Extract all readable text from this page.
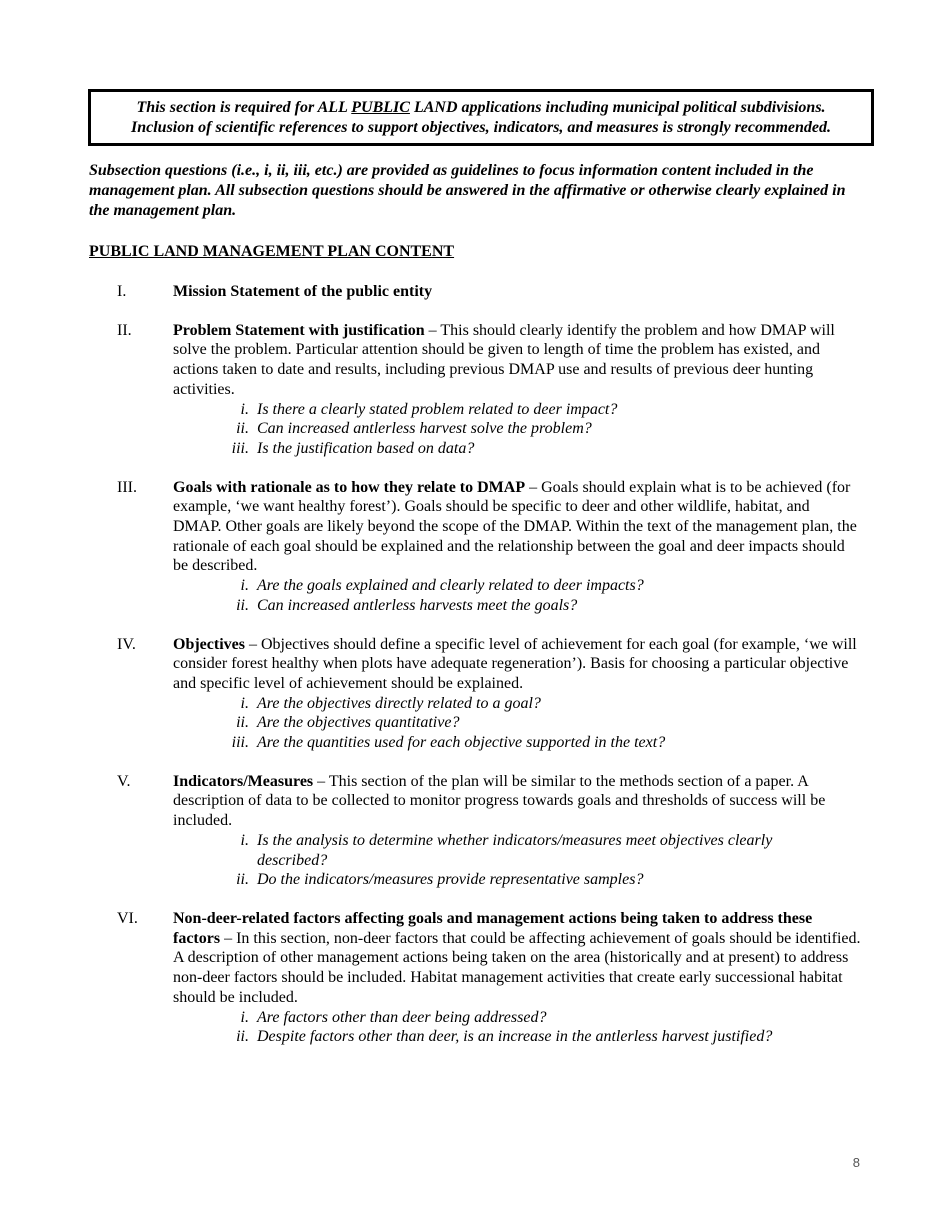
This section is required for ALL PUBLIC LAND applications including municipal political subdivisions.
Inclusion of scientific references to support objectives, indicators, and measures is strongly recommended.
Subsection questions (i.e., i, ii, iii, etc.) are provided as guidelines to focus information content included in the management plan. All subsection questions should be answered in the affirmative or otherwise clearly explained in the management plan.
PUBLIC LAND MANAGEMENT PLAN CONTENT
I.	Mission Statement of the public entity
II.	Problem Statement with justification – This should clearly identify the problem and how DMAP will solve the problem. Particular attention should be given to length of time the problem has existed, and actions taken to date and results, including previous DMAP use and results of previous deer hunting activities.
i. Is there a clearly stated problem related to deer impact?
ii. Can increased antlerless harvest solve the problem?
iii. Is the justification based on data?
III.	Goals with rationale as to how they relate to DMAP – Goals should explain what is to be achieved (for example, ‘we want healthy forest’). Goals should be specific to deer and other wildlife, habitat, and DMAP. Other goals are likely beyond the scope of the DMAP. Within the text of the management plan, the rationale of each goal should be explained and the relationship between the goal and deer impacts should be described.
i. Are the goals explained and clearly related to deer impacts?
ii. Can increased antlerless harvests meet the goals?
IV.	Objectives – Objectives should define a specific level of achievement for each goal (for example, ‘we will consider forest healthy when plots have adequate regeneration’). Basis for choosing a particular objective and specific level of achievement should be explained.
i. Are the objectives directly related to a goal?
ii. Are the objectives quantitative?
iii. Are the quantities used for each objective supported in the text?
V.	Indicators/Measures – This section of the plan will be similar to the methods section of a paper. A description of data to be collected to monitor progress towards goals and thresholds of success will be included.
i. Is the analysis to determine whether indicators/measures meet objectives clearly described?
ii. Do the indicators/measures provide representative samples?
VI.	Non-deer-related factors affecting goals and management actions being taken to address these factors – In this section, non-deer factors that could be affecting achievement of goals should be identified. A description of other management actions being taken on the area (historically and at present) to address non-deer factors should be included. Habitat management activities that create early successional habitat should be included.
i. Are factors other than deer being addressed?
ii. Despite factors other than deer, is an increase in the antlerless harvest justified?
8
